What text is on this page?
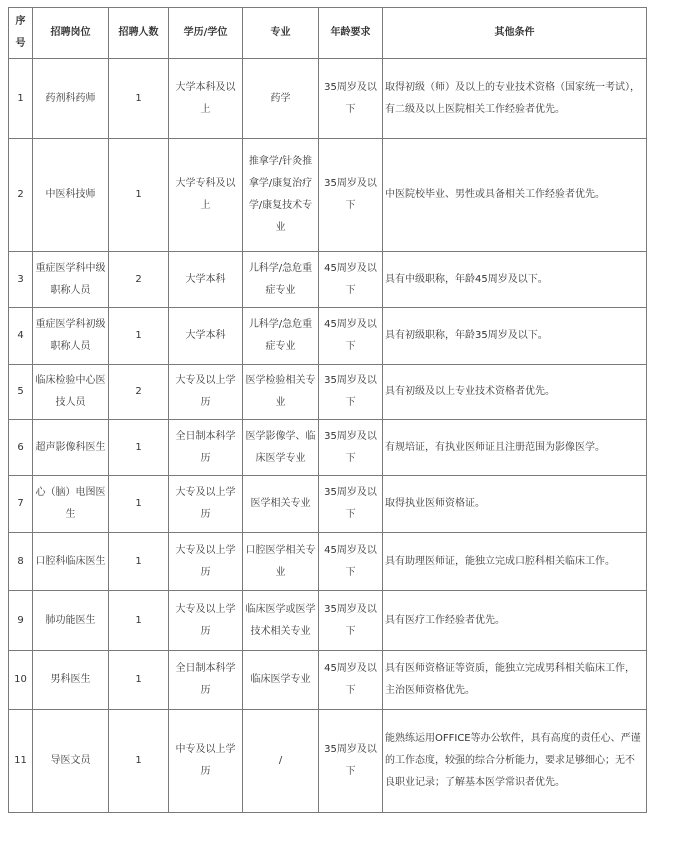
序号	招聘岗位	招聘人数	学历/学位	专业	年龄要求	其他条件
1	药剂科药师	1	大学本科及以上	药学	35周岁及以下	取得初级（师）及以上的专业技术资格（国家统一考试），有二级及以上医院相关工作经验者优先。
2	中医科技师	1	大学专科及以上	推拿学/针灸推拿学/康复治疗学/康复技术专业	35周岁及以下	中医院校毕业、男性或具备相关工作经验者优先。
3	重症医学科中级职称人员	2	大学本科	儿科学/急危重症专业	45周岁及以下	具有中级职称，年龄45周岁及以下。
4	重症医学科初级职称人员	1	大学本科	儿科学/急危重症专业	45周岁及以下	具有初级职称，年龄35周岁及以下。
5	临床检验中心医技人员	2	大专及以上学历	医学检验相关专业	35周岁及以下	具有初级及以上专业技术资格者优先。
6	超声影像科医生	1	全日制本科学历	医学影像学、临床医学专业	35周岁及以下	有规培证，有执业医师证且注册范围为影像医学。
7	心（脑）电图医生	1	大专及以上学历	医学相关专业	35周岁及以下	取得执业医师资格证。
8	口腔科临床医生	1	大专及以上学历	口腔医学相关专业	45周岁及以下	具有助理医师证，能独立完成口腔科相关临床工作。
9	肺功能医生	1	大专及以上学历	临床医学或医学技术相关专业	35周岁及以下	具有医疗工作经验者优先。
10	男科医生	1	全日制本科学历	临床医学专业	45周岁及以下	具有医师资格证等资质，能独立完成男科相关临床工作，主治医师资格优先。
11	导医文员	1	中专及以上学历	/	35周岁及以下	能熟练运用OFFICE等办公软件，具有高度的责任心、严谨的工作态度，较强的综合分析能力，要求足够细心；无不良职业记录；了解基本医学常识者优先。
